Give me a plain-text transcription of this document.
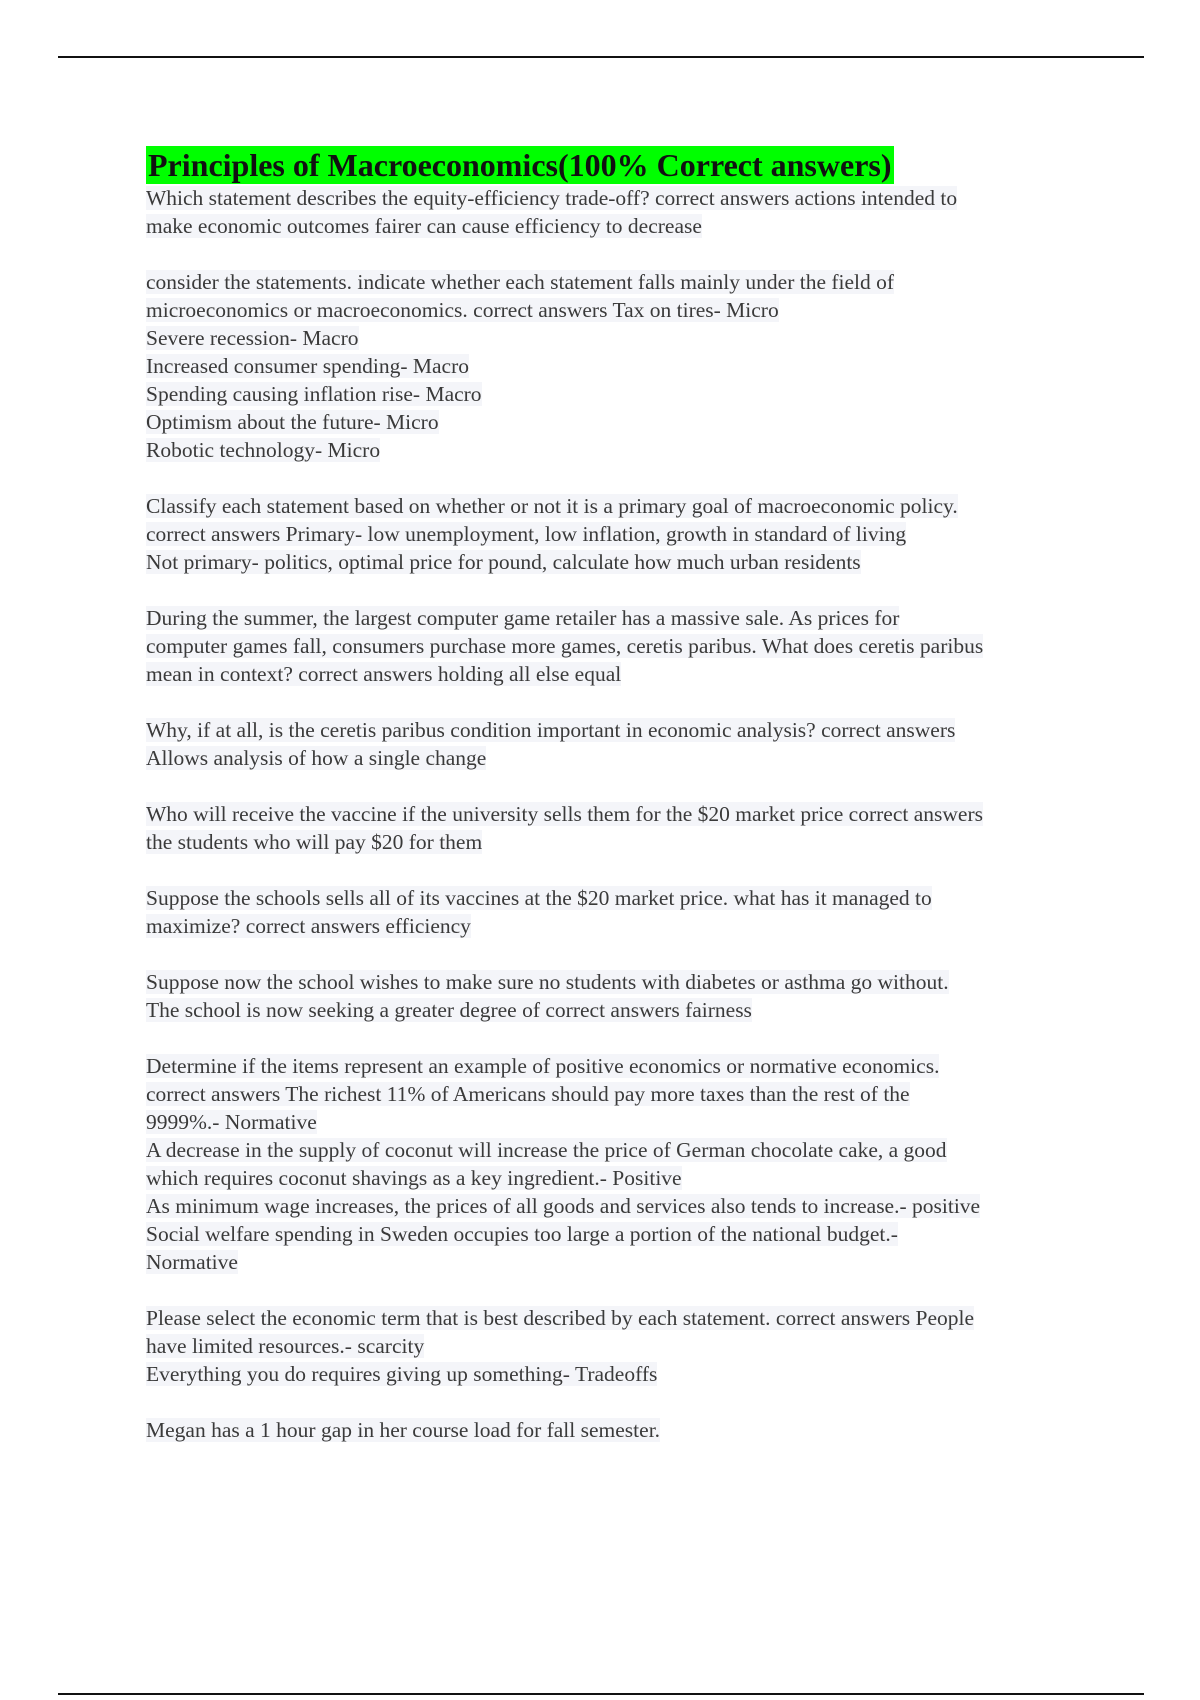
Principles of Macroeconomics(100% Correct answers)
Which statement describes the equity-efficiency trade-off? correct answers actions intended to
make economic outcomes fairer can cause efficiency to decrease
consider the statements. indicate whether each statement falls mainly under the field of
microeconomics or macroeconomics. correct answers Tax on tires- Micro
Severe recession- Macro
Increased consumer spending- Macro
Spending causing inflation rise- Macro
Optimism about the future- Micro
Robotic technology- Micro
Classify each statement based on whether or not it is a primary goal of macroeconomic policy.
correct answers Primary- low unemployment, low inflation, growth in standard of living
Not primary- politics, optimal price for pound, calculate how much urban residents
During the summer, the largest computer game retailer has a massive sale. As prices for
computer games fall, consumers purchase more games, ceretis paribus. What does ceretis paribus
mean in context? correct answers holding all else equal
Why, if at all, is the ceretis paribus condition important in economic analysis? correct answers
Allows analysis of how a single change
Who will receive the vaccine if the university sells them for the $20 market price correct answers
the students who will pay $20 for them
Suppose the schools sells all of its vaccines at the $20 market price. what has it managed to
maximize? correct answers efficiency
Suppose now the school wishes to make sure no students with diabetes or asthma go without.
The school is now seeking a greater degree of correct answers fairness
Determine if the items represent an example of positive economics or normative economics.
correct answers The richest 11% of Americans should pay more taxes than the rest of the
9999%.- Normative
A decrease in the supply of coconut will increase the price of German chocolate cake, a good
which requires coconut shavings as a key ingredient.- Positive
As minimum wage increases, the prices of all goods and services also tends to increase.- positive
Social welfare spending in Sweden occupies too large a portion of the national budget.-
Normative
Please select the economic term that is best described by each statement. correct answers People
have limited resources.- scarcity
Everything you do requires giving up something- Tradeoffs
Megan has a 1 hour gap in her course load for fall semester.
